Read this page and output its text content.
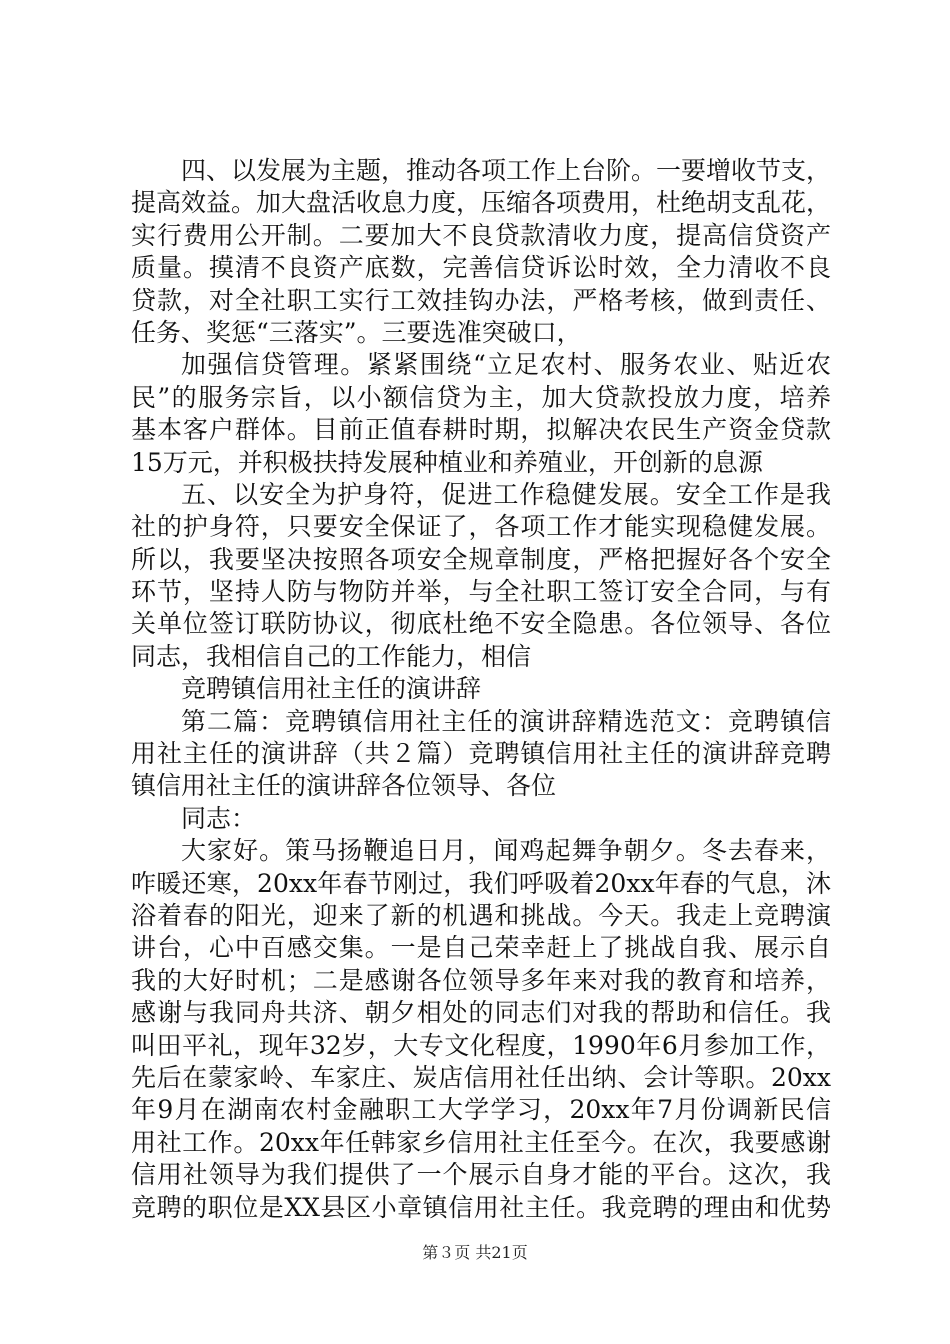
四、以发展为主题，推动各项工作上台阶。一要增收节支，
提高效益。加大盘活收息力度，压缩各项费用，杜绝胡支乱花，
实行费用公开制。二要加大不良贷款清收力度，提高信贷资产
质量。摸清不良资产底数，完善信贷诉讼时效，全力清收不良
贷款，对全社职工实行工效挂钩办法，严格考核，做到责任、
任务、奖惩“三落实”。三要选准突破口，
加强信贷管理。紧紧围绕“立足农村、服务农业、贴近农
民”的服务宗旨，以小额信贷为主，加大贷款投放力度，培养
基本客户群体。目前正值春耕时期，拟解决农民生产资金贷款
15万元，并积极扶持发展种植业和养殖业，开创新的息源
五、以安全为护身符，促进工作稳健发展。安全工作是我
社的护身符，只要安全保证了，各项工作才能实现稳健发展。
所以，我要坚决按照各项安全规章制度，严格把握好各个安全
环节，坚持人防与物防并举，与全社职工签订安全合同，与有
关单位签订联防协议，彻底杜绝不安全隐患。各位领导、各位
同志，我相信自己的工作能力，相信
竞聘镇信用社主任的演讲辞
第二篇：竞聘镇信用社主任的演讲辞精选范文：竞聘镇信
用社主任的演讲辞（共２篇）竞聘镇信用社主任的演讲辞竞聘
镇信用社主任的演讲辞各位领导、各位
同志：
大家好。策马扬鞭追日月，闻鸡起舞争朝夕。冬去春来，
咋暖还寒，20xx年春节刚过，我们呼吸着20xx年春的气息，沐
浴着春的阳光，迎来了新的机遇和挑战。今天。我走上竞聘演
讲台，心中百感交集。一是自己荣幸赶上了挑战自我、展示自
我的大好时机；二是感谢各位领导多年来对我的教育和培养，
感谢与我同舟共济、朝夕相处的同志们对我的帮助和信任。我
叫田平礼，现年32岁，大专文化程度，1990年6月参加工作，
先后在蒙家岭、车家庄、炭店信用社任出纳、会计等职。20xx
年9月在湖南农村金融职工大学学习，20xx年7月份调新民信
用社工作。20xx年任韩家乡信用社主任至今。在次，我要感谢
信用社领导为我们提供了一个展示自身才能的平台。这次，我
竞聘的职位是XX县区小章镇信用社主任。我竞聘的理由和优势
第３页 共21页
